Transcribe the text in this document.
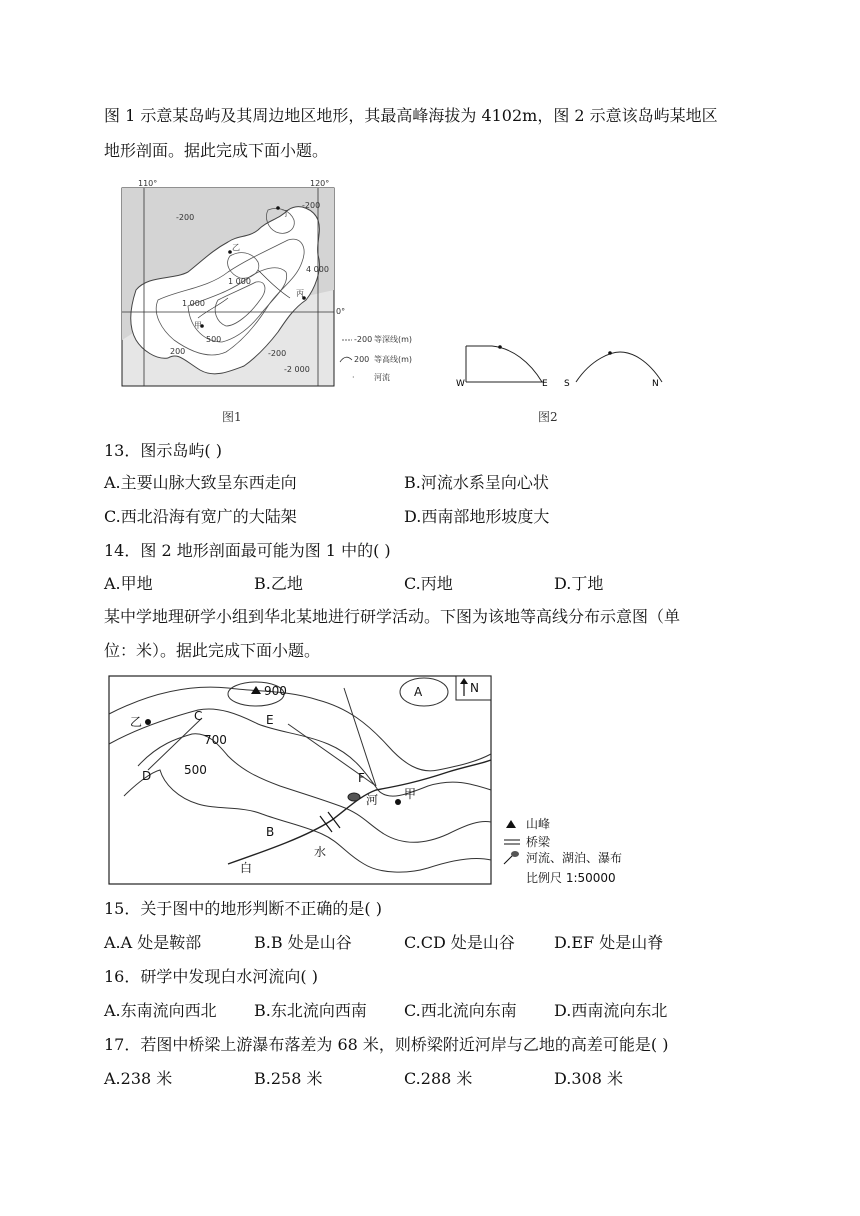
图 1 示意某岛屿及其周边地区地形，其最高峰海拔为 4102m，图 2 示意该岛屿某地区
地形剖面。据此完成下面小题。
110°	120°
0°
-200
-200
1 000
1 000
500
200	-200
-2 000
4 000
甲
乙
丙
丁
-200 等深线(m)
200 等高线(m)
· 河流
图1
W	E S	N
图2
13．图示岛屿( )
A.主要山脉大致呈东西走向	B.河流水系呈向心状
C.西北沿海有宽广的大陆架	D.西南部地形坡度大
14．图 2 地形剖面最可能为图 1 中的( )
A.甲地	B.乙地	C.丙地	D.丁地
某中学地理研学小组到华北某地进行研学活动。下图为该地等高线分布示意图（单
位：米）。据此完成下面小题。
N
900
700
500
A
B
C
D
E
F
乙
甲
河
水
白
山峰
桥梁
河流、湖泊、瀑布
比例尺 1:50000
15．关于图中的地形判断不正确的是( )
A.A 处是鞍部	B.B 处是山谷	C.CD 处是山谷 D.EF 处是山脊
16．研学中发现白水河流向( )
A.东南流向西北 B.东北流向西南 C.西北流向东南 D.西南流向东北
17．若图中桥梁上游瀑布落差为 68 米，则桥梁附近河岸与乙地的高差可能是( )
A.238 米	B.258 米	C.288 米	D.308 米
